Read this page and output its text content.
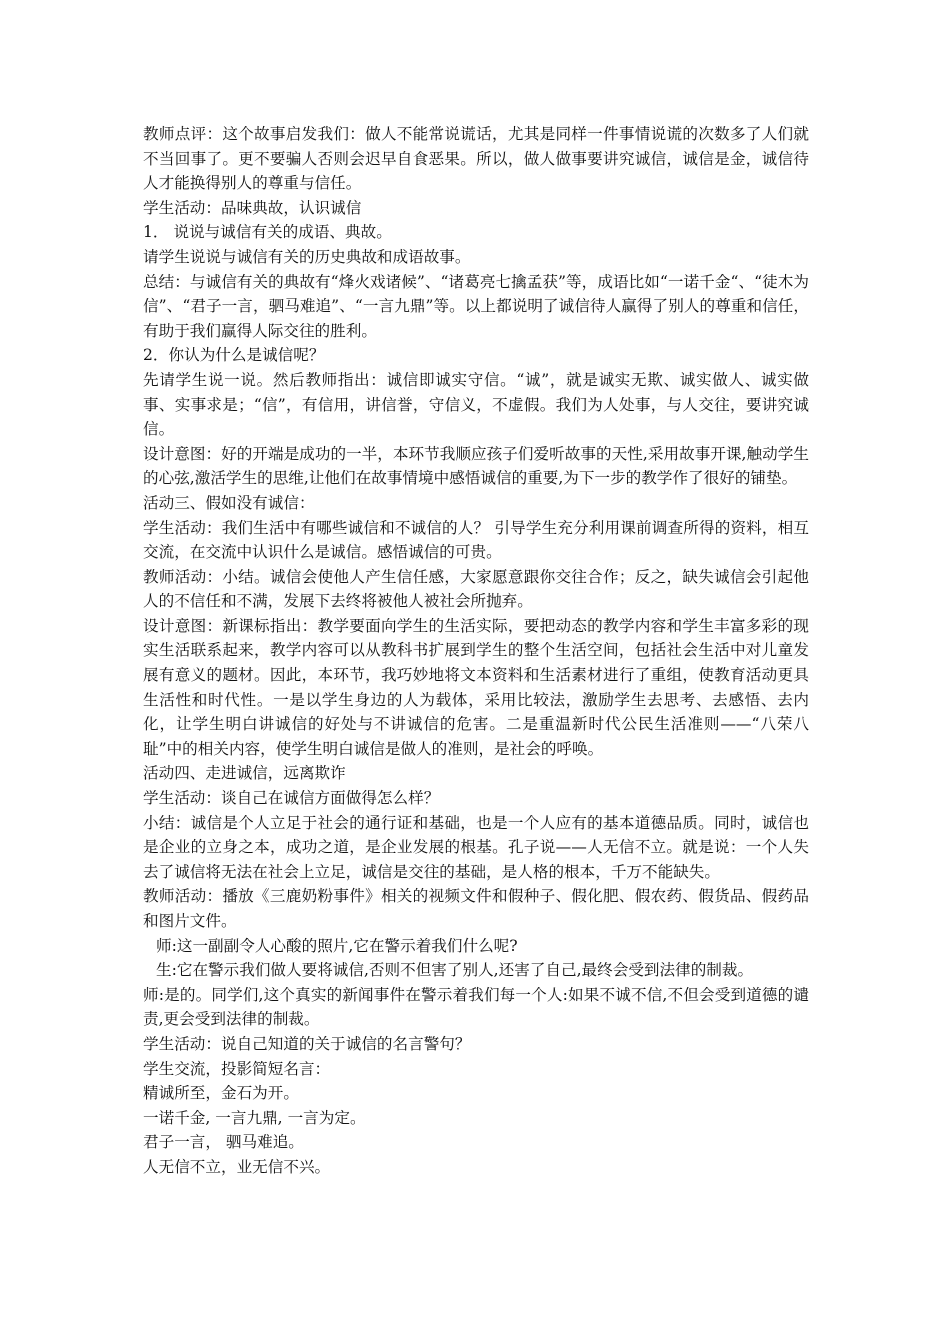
教师点评：这个故事启发我们：做人不能常说谎话，尤其是同样一件事情说谎的次数多了人们就不当回事了。更不要骗人否则会迟早自食恶果。所以，做人做事要讲究诚信，诚信是金，诚信待人才能换得别人的尊重与信任。

学生活动：品味典故，认识诚信

1． 说说与诚信有关的成语、典故。

请学生说说与诚信有关的历史典故和成语故事。

总结：与诚信有关的典故有“烽火戏诸候”、“诸葛亮七擒孟获”等，成语比如“一诺千金“、“徒木为信”、“君子一言，驷马难追”、“一言九鼎”等。以上都说明了诚信待人赢得了别人的尊重和信任，有助于我们赢得人际交往的胜利。

2．你认为什么是诚信呢？

先请学生说一说。然后教师指出：诚信即诚实守信。“诚”，就是诚实无欺、诚实做人、诚实做事、实事求是；“信”，有信用，讲信誉，守信义，不虚假。我们为人处事，与人交往，要讲究诚信。

设计意图：好的开端是成功的一半，本环节我顺应孩子们爱听故事的天性,采用故事开课,触动学生的心弦,激活学生的思维,让他们在故事情境中感悟诚信的重要,为下一步的教学作了很好的铺垫。

活动三、假如没有诚信：

学生活动：我们生活中有哪些诚信和不诚信的人？ 引导学生充分利用课前调查所得的资料，相互交流，在交流中认识什么是诚信。感悟诚信的可贵。

教师活动：小结。诚信会使他人产生信任感，大家愿意跟你交往合作；反之，缺失诚信会引起他人的不信任和不满，发展下去终将被他人被社会所抛弃。

设计意图：新课标指出：教学要面向学生的生活实际，要把动态的教学内容和学生丰富多彩的现实生活联系起来，教学内容可以从教科书扩展到学生的整个生活空间，包括社会生活中对儿童发展有意义的题材。因此，本环节，我巧妙地将文本资料和生活素材进行了重组，使教育活动更具生活性和时代性。一是以学生身边的人为载体，采用比较法，激励学生去思考、去感悟、去内化，让学生明白讲诚信的好处与不讲诚信的危害。二是重温新时代公民生活准则——“八荣八耻”中的相关内容，使学生明白诚信是做人的准则，是社会的呼唤。

活动四、走进诚信，远离欺诈

学生活动：谈自己在诚信方面做得怎么样？

小结：诚信是个人立足于社会的通行证和基础，也是一个人应有的基本道德品质。同时，诚信也是企业的立身之本，成功之道，是企业发展的根基。孔子说——人无信不立。就是说：一个人失去了诚信将无法在社会上立足，诚信是交往的基础，是人格的根本，千万不能缺失。

教师活动：播放《三鹿奶粉事件》相关的视频文件和假种子、假化肥、假农药、假货品、假药品和图片文件。

师:这一副副令人心酸的照片,它在警示着我们什么呢?

生:它在警示我们做人要将诚信,否则不但害了别人,还害了自己,最终会受到法律的制裁。

师:是的。同学们,这个真实的新闻事件在警示着我们每一个人:如果不诚不信,不但会受到道德的谴责,更会受到法律的制裁。

学生活动：说自己知道的关于诚信的名言警句？

学生交流，投影简短名言：

精诚所至，金石为开。

一诺千金, 一言九鼎, 一言为定。

君子一言， 驷马难追。

人无信不立，业无信不兴。
